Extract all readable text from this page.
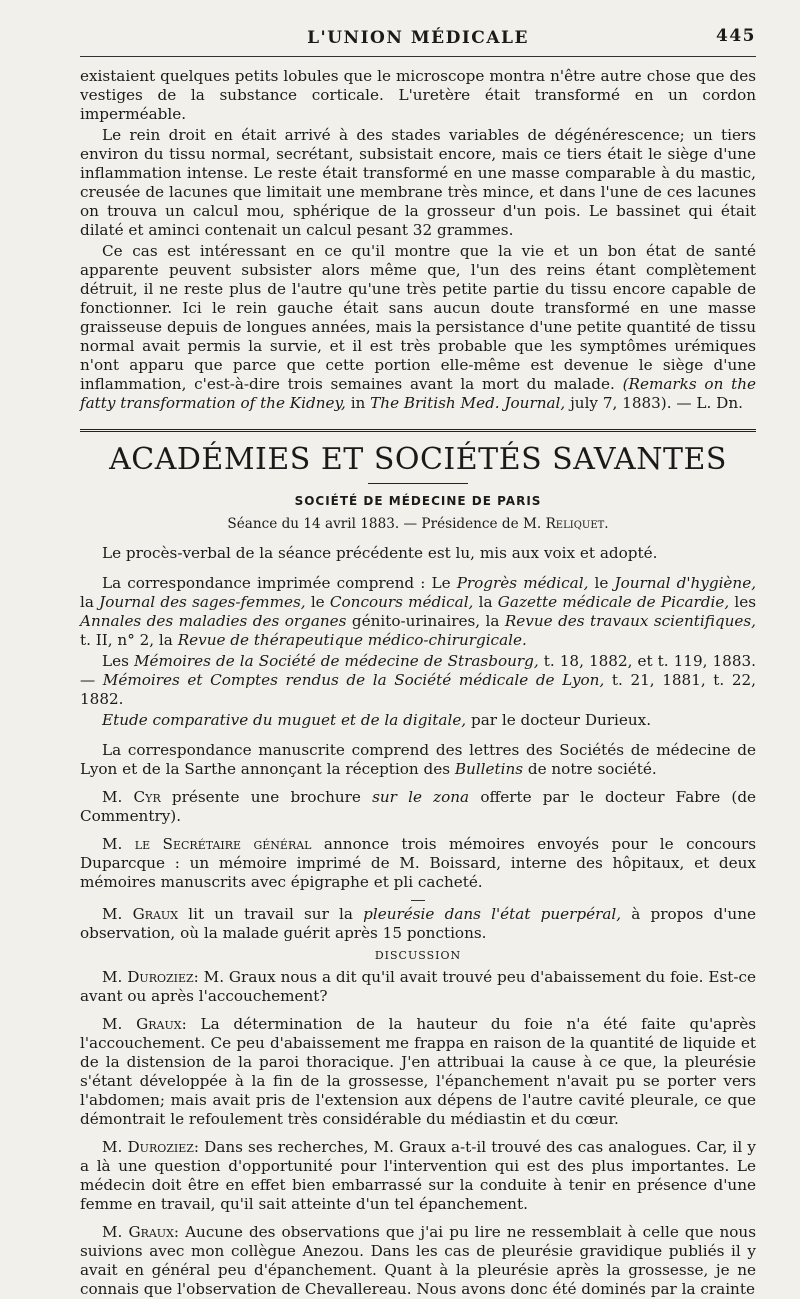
L'UNION MÉDICALE	445

existaient quelques petits lobules que le microscope montra n'être autre chose que des vestiges de la substance corticale. L'uretère était transformé en un cordon imperméable.

Le rein droit en était arrivé à des stades variables de dégénérescence; un tiers environ du tissu normal, secrétant, subsistait encore, mais ce tiers était le siège d'une inflammation intense. Le reste était transformé en une masse comparable à du mastic, creusée de lacunes que limitait une membrane très mince, et dans l'une de ces lacunes on trouva un calcul mou, sphérique de la grosseur d'un pois. Le bassinet qui était dilaté et aminci contenait un calcul pesant 32 grammes.

Ce cas est intéressant en ce qu'il montre que la vie et un bon état de santé apparente peuvent subsister alors même que, l'un des reins étant complètement détruit, il ne reste plus de l'autre qu'une très petite partie du tissu encore capable de fonctionner. Ici le rein gauche était sans aucun doute transformé en une masse graisseuse depuis de longues années, mais la persistance d'une petite quantité de tissu normal avait permis la survie, et il est très probable que les symptômes urémiques n'ont apparu que parce que cette portion elle-même est devenue le siège d'une inflammation, c'est-à-dire trois semaines avant la mort du malade. (Remarks on the fatty transformation of the Kidney, in The British Med. Journal, july 7, 1883). — L. Dn.

ACADÉMIES ET SOCIÉTÉS SAVANTES
SOCIÉTÉ DE MÉDECINE DE PARIS
Séance du 14 avril 1883. — Présidence de M. Reliquet.

Le procès-verbal de la séance précédente est lu, mis aux voix et adopté.

La correspondance imprimée comprend : Le Progrès médical, le Journal d'hygiène, la Journal des sages-femmes, le Concours médical, la Gazette médicale de Picardie, les Annales des maladies des organes génito-urinaires, la Revue des travaux scientifiques, t. II, n° 2, la Revue de thérapeutique médico-chirurgicale.

Les Mémoires de la Société de médecine de Strasbourg, t. 18, 1882, et t. 119, 1883. — Mémoires et Comptes rendus de la Société médicale de Lyon, t. 21, 1881, t. 22, 1882.

Etude comparative du muguet et de la digitale, par le docteur Durieux.

La correspondance manuscrite comprend des lettres des Sociétés de médecine de Lyon et de la Sarthe annonçant la réception des Bulletins de notre société.

M. Cyr présente une brochure sur le zona offerte par le docteur Fabre (de Commentry).

M. le Secrétaire général annonce trois mémoires envoyés pour le concours Duparcque : un mémoire imprimé de M. Boissard, interne des hôpitaux, et deux mémoires manuscrits avec épigraphe et pli cacheté.

M. Graux lit un travail sur la pleurésie dans l'état puerpéral, à propos d'une observation, où la malade guérit après 15 ponctions.

DISCUSSION

M. Duroziez: M. Graux nous a dit qu'il avait trouvé peu d'abaissement du foie. Est-ce avant ou après l'accouchement?

M. Graux: La détermination de la hauteur du foie n'a été faite qu'après l'accouchement. Ce peu d'abaissement me frappa en raison de la quantité de liquide et de la distension de la paroi thoracique. J'en attribuai la cause à ce que, la pleurésie s'étant développée à la fin de la grossesse, l'épanchement n'avait pu se porter vers l'abdomen; mais avait pris de l'extension aux dépens de l'autre cavité pleurale, ce que démontrait le refoulement très considérable du médiastin et du cœur.

M. Duroziez: Dans ses recherches, M. Graux a-t-il trouvé des cas analogues. Car, il y a là une question d'opportunité pour l'intervention qui est des plus importantes. Le médecin doit être en effet bien embarrassé sur la conduite à tenir en présence d'une femme en travail, qu'il sait atteinte d'un tel épanchement.

M. Graux: Aucune des observations que j'ai pu lire ne ressemblait à celle que nous suivions avec mon collègue Anezou. Dans les cas de pleurésie gravidique publiés il y avait en général peu d'épanchement. Quant à la pleurésie après la grossesse, je ne connais que l'observation de Chevallereau. Nous avons donc été dominés par la crainte
